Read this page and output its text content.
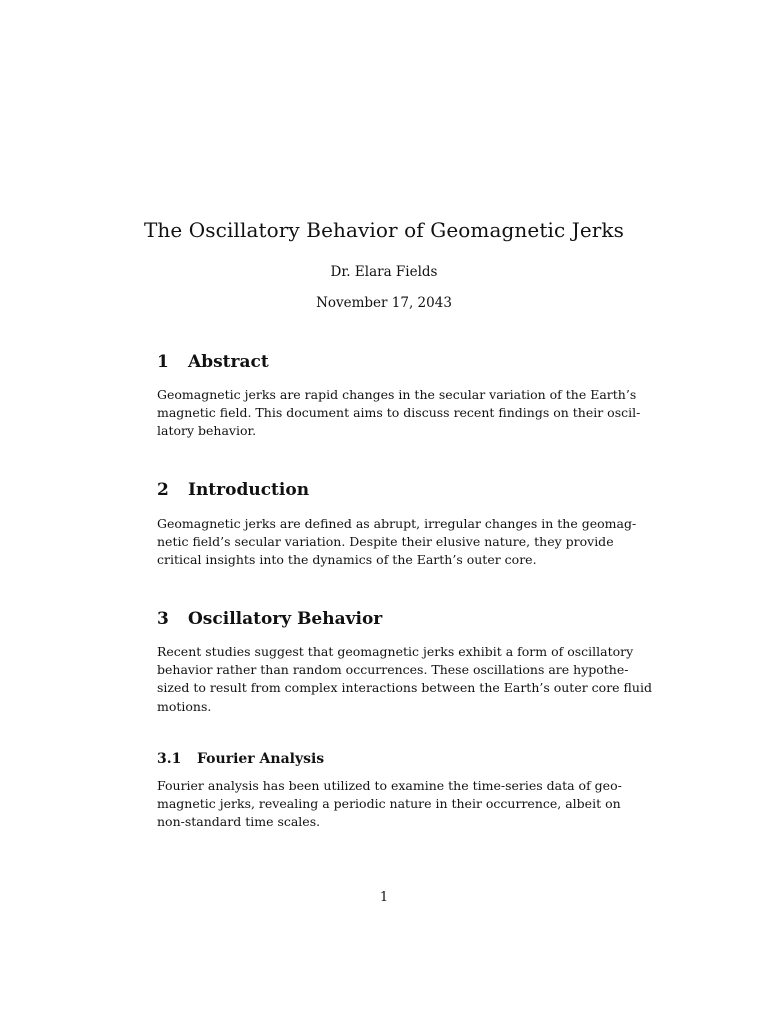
The Oscillatory Behavior of Geomagnetic Jerks
Dr. Elara Fields
November 17, 2043
1 Abstract
Geomagnetic jerks are rapid changes in the secular variation of the Earth’s
magnetic field. This document aims to discuss recent findings on their oscil-
latory behavior.
2 Introduction
Geomagnetic jerks are defined as abrupt, irregular changes in the geomag-
netic field’s secular variation. Despite their elusive nature, they provide
critical insights into the dynamics of the Earth’s outer core.
3 Oscillatory Behavior
Recent studies suggest that geomagnetic jerks exhibit a form of oscillatory
behavior rather than random occurrences. These oscillations are hypothe-
sized to result from complex interactions between the Earth’s outer core fluid
motions.
3.1 Fourier Analysis
Fourier analysis has been utilized to examine the time-series data of geo-
magnetic jerks, revealing a periodic nature in their occurrence, albeit on
non-standard time scales.
1
